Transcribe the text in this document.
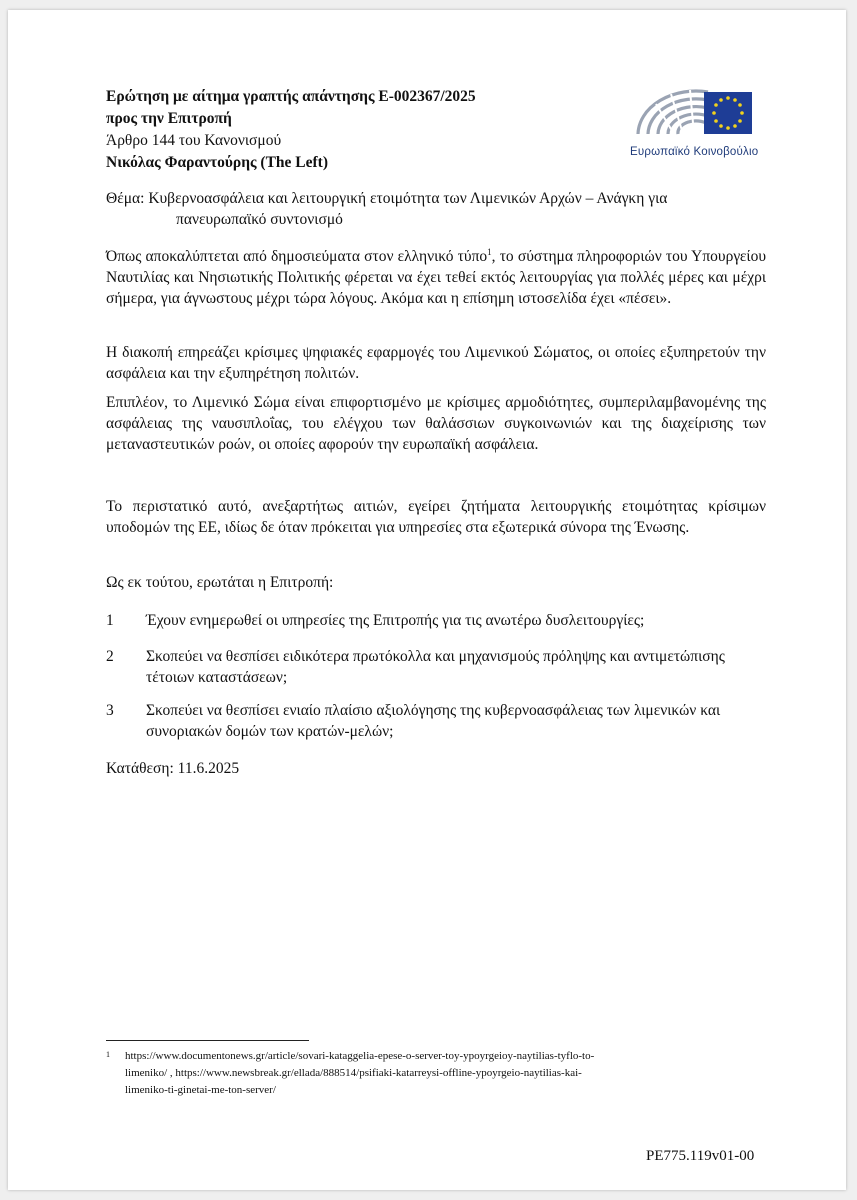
Ερώτηση με αίτημα γραπτής απάντησης E-002367/2025
προς την Επιτροπή
Άρθρο 144 του Κανονισμού
Νικόλας Φαραντούρης (The Left)
Ευρωπαϊκό Κοινοβούλιο
Θέμα: Κυβερνοασφάλεια και λειτουργική ετοιμότητα των Λιμενικών Αρχών – Ανάγκη για
πανευρωπαϊκό συντονισμό

Όπως αποκαλύπτεται από δημοσιεύματα στον ελληνικό τύπο$^1$, το σύστημα πληροφοριών του Υπουργείου Ναυτιλίας και Νησιωτικής Πολιτικής φέρεται να έχει τεθεί εκτός λειτουργίας για πολλές μέρες και μέχρι σήμερα, για άγνωστους μέχρι τώρα λόγους. Ακόμα και η επίσημη ιστοσελίδα έχει «πέσει».

Η διακοπή επηρεάζει κρίσιμες ψηφιακές εφαρμογές του Λιμενικού Σώματος, οι οποίες εξυπηρετούν την ασφάλεια και την εξυπηρέτηση πολιτών.

Επιπλέον, το Λιμενικό Σώμα είναι επιφορτισμένο με κρίσιμες αρμοδιότητες, συμπεριλαμβανομένης της ασφάλειας της ναυσιπλοΐας, του ελέγχου των θαλάσσιων συγκοινωνιών και της διαχείρισης των μεταναστευτικών ροών, οι οποίες αφορούν την ευρωπαϊκή ασφάλεια.

Το περιστατικό αυτό, ανεξαρτήτως αιτιών, εγείρει ζητήματα λειτουργικής ετοιμότητας κρίσιμων υποδομών της ΕΕ, ιδίως δε όταν πρόκειται για υπηρεσίες στα εξωτερικά σύνορα της Ένωσης.

Ως εκ τούτου, ερωτάται η Επιτροπή:

1 Έχουν ενημερωθεί οι υπηρεσίες της Επιτροπής για τις ανωτέρω δυσλειτουργίες;
2 Σκοπεύει να θεσπίσει ειδικότερα πρωτόκολλα και μηχανισμούς πρόληψης και αντιμετώπισης τέτοιων καταστάσεων;
3 Σκοπεύει να θεσπίσει ενιαίο πλαίσιο αξιολόγησης της κυβερνοασφάλειας των λιμενικών και συνοριακών δομών των κρατών-μελών;

Κατάθεση: 11.6.2025

1 https://www.documentonews.gr/article/sovari-kataggelia-epese-o-server-toy-ypoyrgeioy-naytilias-tyflo-to-
limeniko/ , https://www.newsbreak.gr/ellada/888514/psifiaki-katarreysi-offline-ypoyrgeio-naytilias-kai-
limeniko-ti-ginetai-me-ton-server/
PE775.119v01-00
